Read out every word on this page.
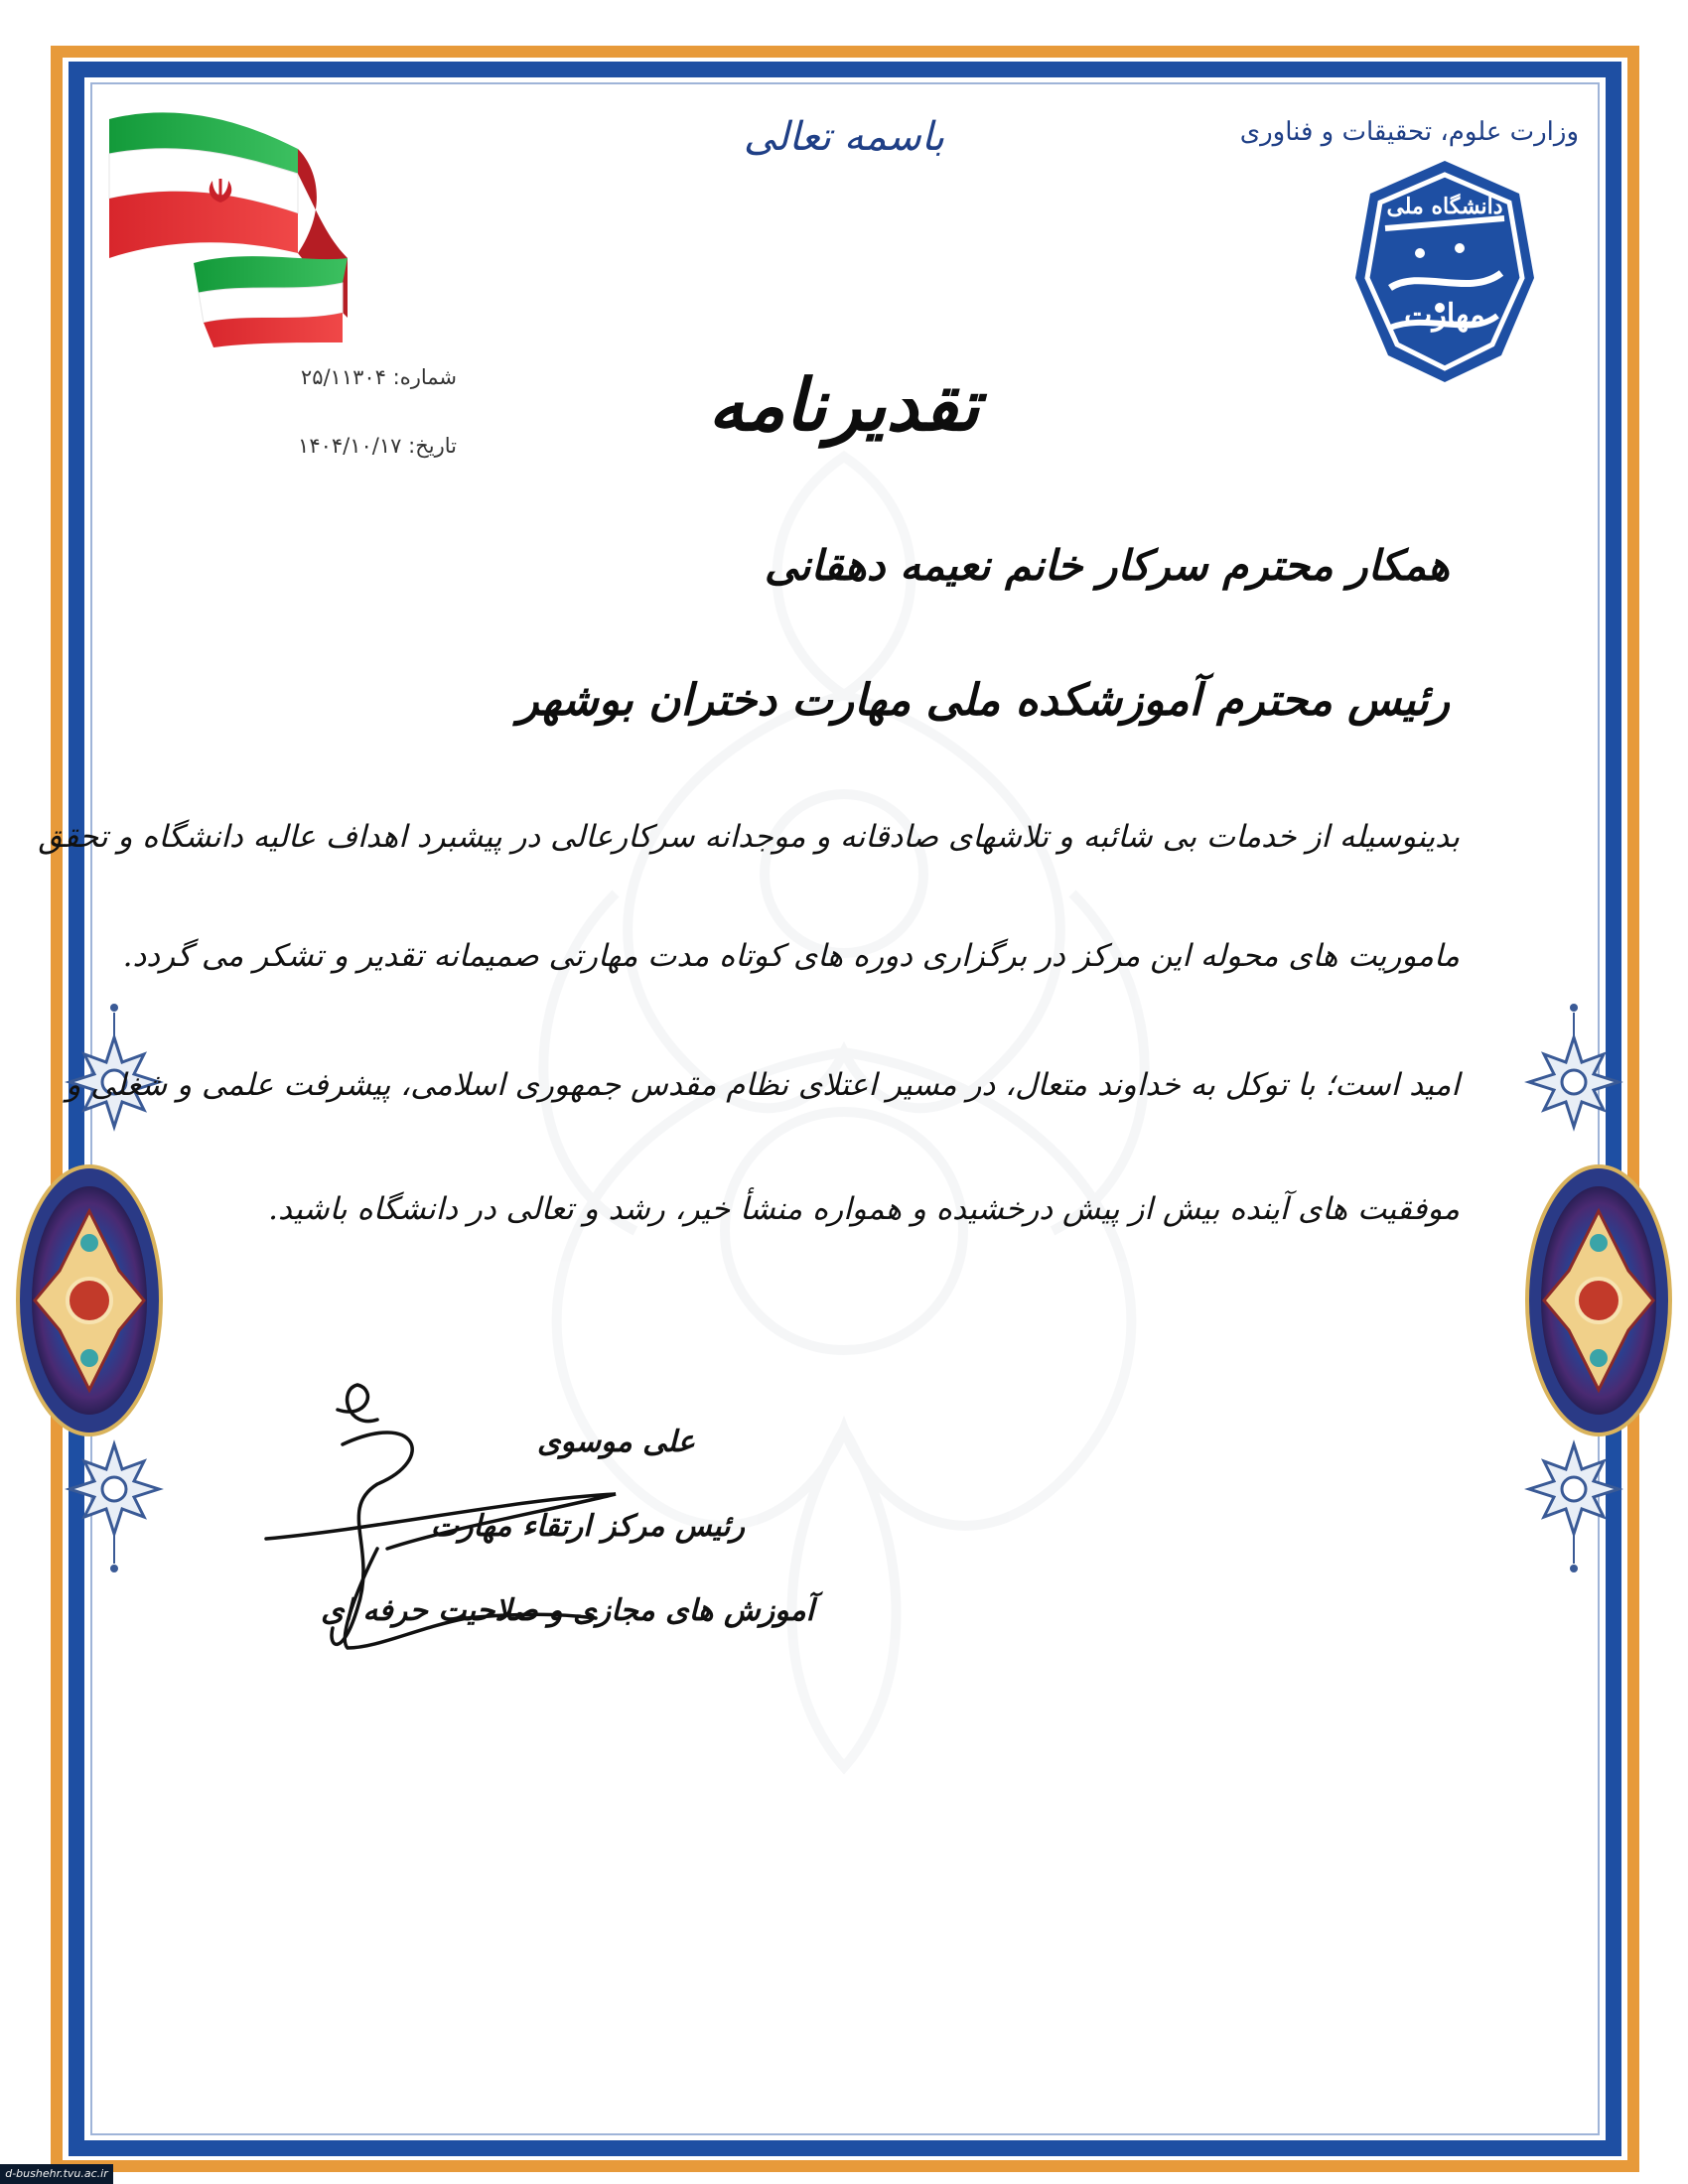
باسمه تعالی	وزارت علوم، تحقیقات و فناوری
دانشگاه ملی
مهارت
شماره: ۲۵/۱۱۳۰۴
تاریخ: ۱۴۰۴/۱۰/۱۷	تقدیرنامه
همکار محترم سرکار خانم نعیمه دهقانی
رئیس محترم آموزشکده ملی مهارت دختران بوشهر
بدینوسیله از خدمات بی شائبه و تلاشهای صادقانه و موجدانه سرکارعالی در پیشبرد اهداف عالیه دانشگاه و تحقق
ماموریت های محوله این مرکز در برگزاری دوره های کوتاه مدت مهارتی صمیمانه تقدیر و تشکر می گردد.
امید است؛ با توکل به خداوند متعال، در مسیر اعتلای نظام مقدس جمهوری اسلامی، پیشرفت علمی و شغلی و
موفقیت های آینده بیش از پیش درخشیده و همواره منشأ خیر، رشد و تعالی در دانشگاه باشید.
علی موسوی
رئیس مرکز ارتقاء مهارت
آموزش های مجازی و صلاحیت حرفه ای
d-bushehr.tvu.ac.ir
